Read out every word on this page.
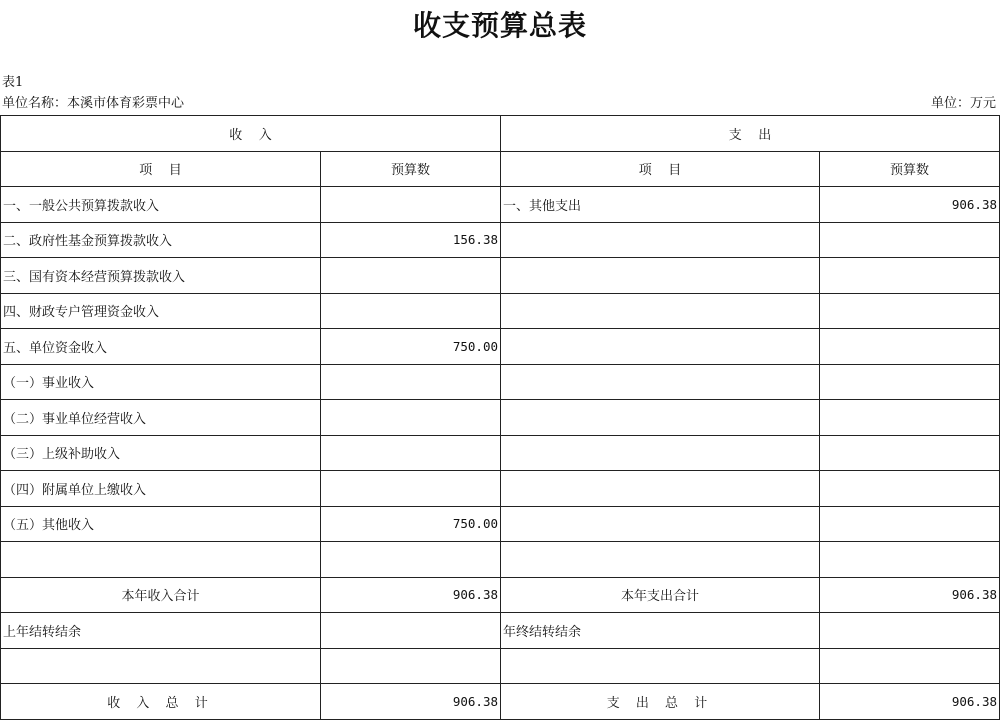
收支预算总表
表1
单位名称：本溪市体育彩票中心	单位：万元
收    入		支    出	
项    目	预算数	项    目	预算数
一、一般公共预算拨款收入		一、其他支出	906.38
二、政府性基金预算拨款收入	156.38		
三、国有资本经营预算拨款收入			
四、财政专户管理资金收入			
五、单位资金收入	750.00		
（一）事业收入			
（二）事业单位经营收入			
（三）上级补助收入			
（四）附属单位上缴收入			
（五）其他收入	750.00		

本年收入合计	906.38	本年支出合计	906.38
上年结转结余		年终结转结余	

收 入 总 计	906.38	支 出 总 计	906.38
